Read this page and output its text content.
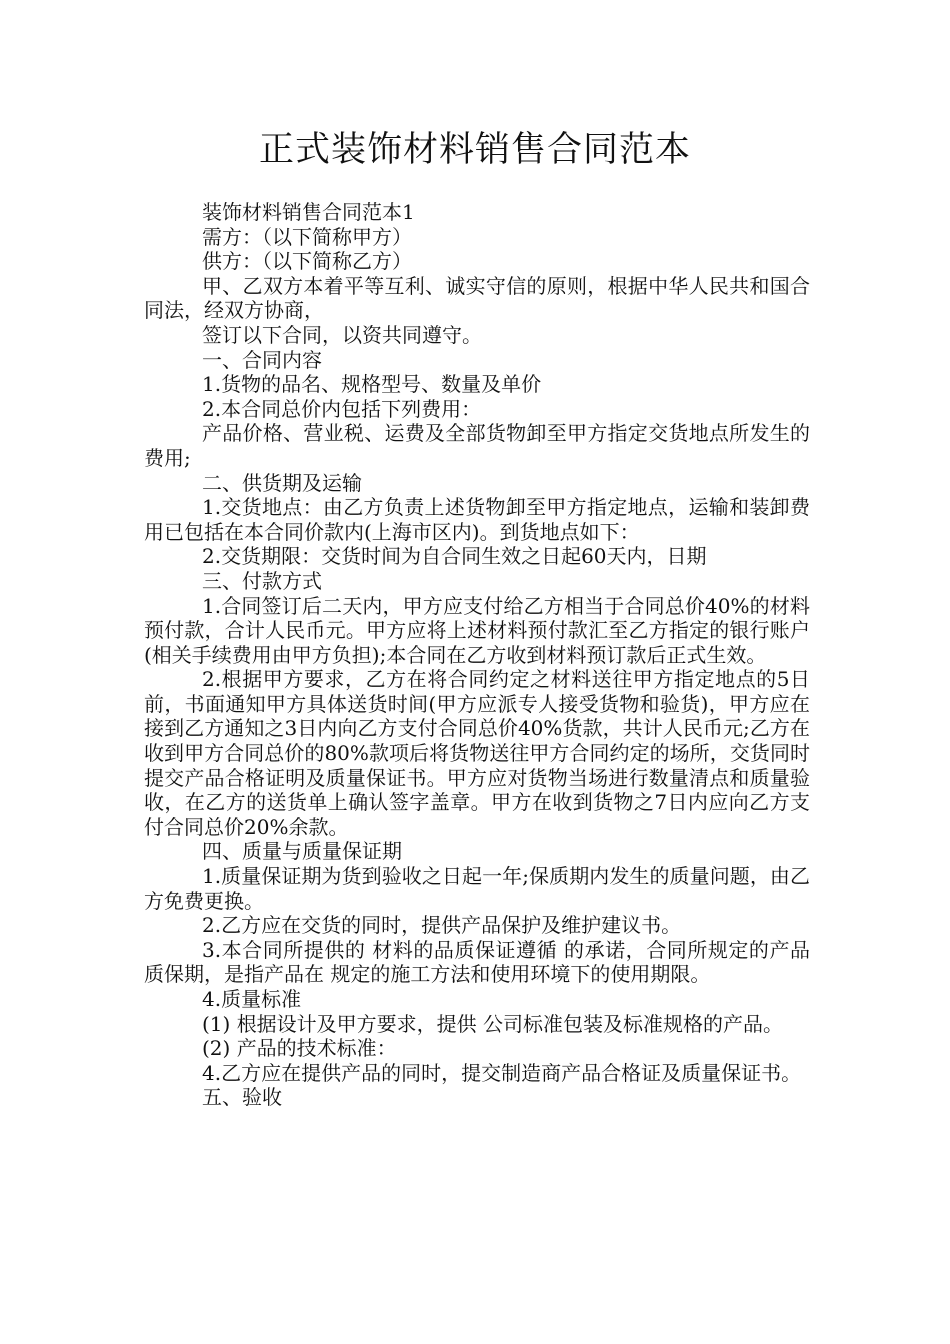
正式装饰材料销售合同范本

装饰材料销售合同范本1

需方：（以下简称甲方）

供方：（以下简称乙方）

甲、乙双方本着平等互利、诚实守信的原则，根据中华人民共和国合同法，经双方协商，

签订以下合同，以资共同遵守。

一、合同内容

1.货物的品名、规格型号、数量及单价

2.本合同总价内包括下列费用：

产品价格、营业税、运费及全部货物卸至甲方指定交货地点所发生的费用;

二、供货期及运输

1.交货地点：由乙方负责上述货物卸至甲方指定地点，运输和装卸费用已包括在本合同价款内(上海市区内)。到货地点如下：

2.交货期限：交货时间为自合同生效之日起60天内，日期

三、付款方式

1.合同签订后二天内，甲方应支付给乙方相当于合同总价40%的材料预付款，合计人民币元。甲方应将上述材料预付款汇至乙方指定的银行账户(相关手续费用由甲方负担);本合同在乙方收到材料预订款后正式生效。

2.根据甲方要求，乙方在将合同约定之材料送往甲方指定地点的5日前，书面通知甲方具体送货时间(甲方应派专人接受货物和验货)，甲方应在接到乙方通知之3日内向乙方支付合同总价40%货款，共计人民币元;乙方在收到甲方合同总价的80%款项后将货物送往甲方合同约定的场所，交货同时提交产品合格证明及质量保证书。甲方应对货物当场进行数量清点和质量验收，在乙方的送货单上确认签字盖章。甲方在收到货物之7日内应向乙方支付合同总价20%余款。

四、质量与质量保证期

1.质量保证期为货到验收之日起一年;保质期内发生的质量问题，由乙方免费更换。

2.乙方应在交货的同时，提供产品保护及维护建议书。

3.本合同所提供的 材料的品质保证遵循 的承诺，合同所规定的产品质保期，是指产品在 规定的施工方法和使用环境下的使用期限。

4.质量标准

(1) 根据设计及甲方要求，提供 公司标准包装及标准规格的产品。

(2) 产品的技术标准：

4.乙方应在提供产品的同时，提交制造商产品合格证及质量保证书。

五、验收
